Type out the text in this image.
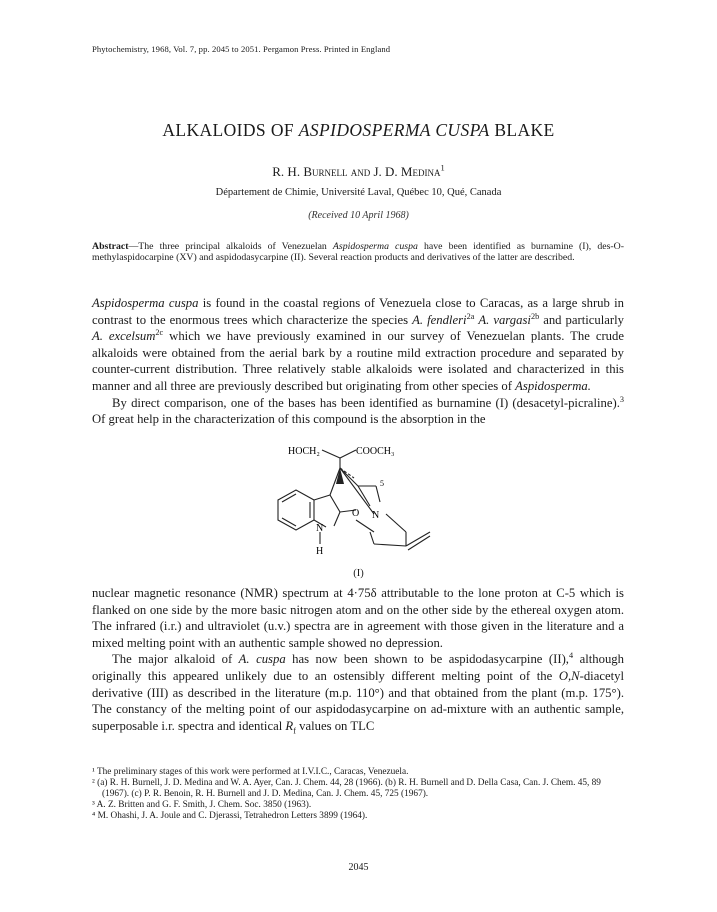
Phytochemistry, 1968, Vol. 7, pp. 2045 to 2051. Pergamon Press. Printed in England
ALKALOIDS OF ASPIDOSPERMA CUSPA BLAKE
R. H. Burnell and J. D. Medina$^1$
Département de Chimie, Université Laval, Québec 10, Qué, Canada
(Received 10 April 1968)
Abstract—The three principal alkaloids of Venezuelan Aspidosperma cuspa have been identified as burnamine (I), des-O-methylaspidocarpine (XV) and aspidodasycarpine (II). Several reaction products and derivatives of the latter are described.

Aspidosperma cuspa is found in the coastal regions of Venezuela close to Caracas, as a large shrub in contrast to the enormous trees which characterize the species A. fendleri$^{2a}$ A. vargasi$^{2b}$ and particularly A. excelsum$^{2c}$ which we have previously examined in our survey of Venezuelan plants. The crude alkaloids were obtained from the aerial bark by a routine mild extraction procedure and separated by counter-current distribution. Three relatively stable alkaloids were isolated and characterized in this manner and all three are previously described but originating from other species of Aspidosperma.

By direct comparison, one of the bases has been identified as burnamine (I) (desacetyl-picraline).$^3$ Of great help in the characterization of this compound is the absorption in the

HOCH₂	COOCH₃
5
O N
N
H
(I)

nuclear magnetic resonance (NMR) spectrum at 4·75δ attributable to the lone proton at C-5 which is flanked on one side by the more basic nitrogen atom and on the other side by the ethereal oxygen atom. The infrared (i.r.) and ultraviolet (u.v.) spectra are in agreement with those given in the literature and a mixed melting point with an authentic sample showed no depression.

The major alkaloid of A. cuspa has now been shown to be aspidodasycarpine (II),$^4$ although originally this appeared unlikely due to an ostensibly different melting point of the O,N-diacetyl derivative (III) as described in the literature (m.p. 110°) and that obtained from the plant (m.p. 175°). The constancy of the melting point of our aspidodasycarpine on ad-mixture with an authentic sample, superposable i.r. spectra and identical $R_f$ values on TLC

¹ The preliminary stages of this work were performed at I.V.I.C., Caracas, Venezuela.
² (a) R. H. Burnell, J. D. Medina and W. A. Ayer, Can. J. Chem. 44, 28 (1966). (b) R. H. Burnell and D. Della Casa, Can. J. Chem. 45, 89 (1967). (c) P. R. Benoin, R. H. Burnell and J. D. Medina, Can. J. Chem. 45, 725 (1967).
³ A. Z. Britten and G. F. Smith, J. Chem. Soc. 3850 (1963).
⁴ M. Ohashi, J. A. Joule and C. Djerassi, Tetrahedron Letters 3899 (1964).
2045
